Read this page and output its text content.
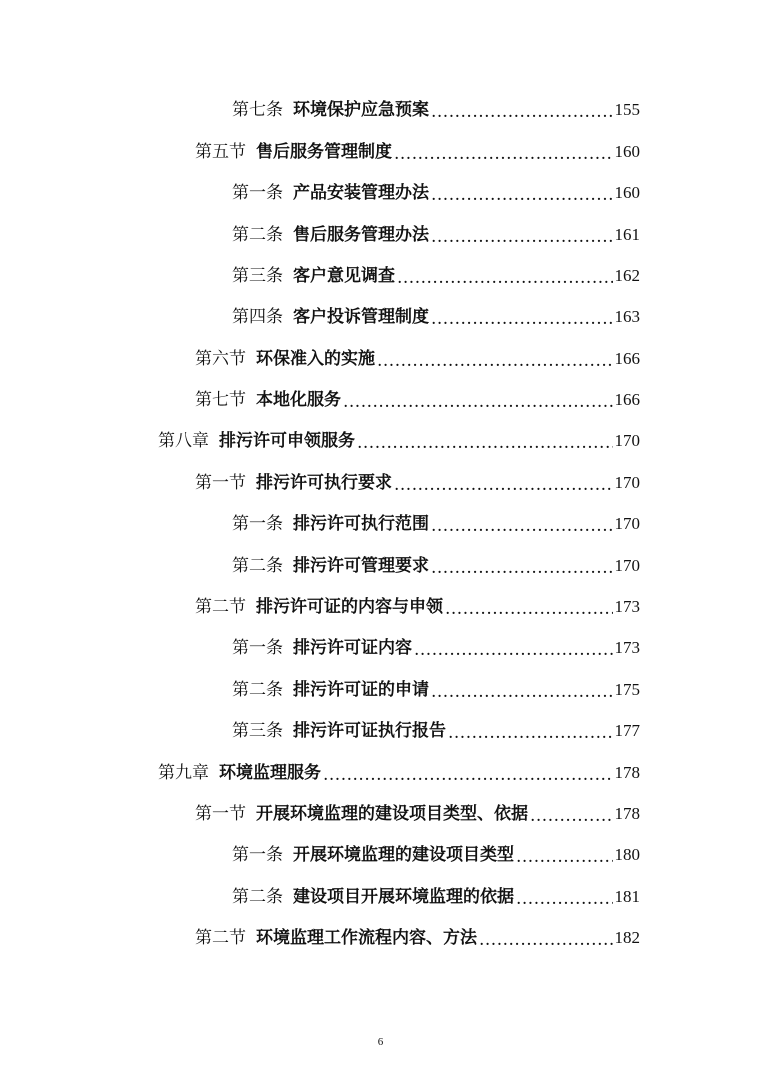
第七条 环境保护应急预案 .....	155
第五节 售后服务管理制度 .....	160
第一条 产品安装管理办法 .....	160
第二条 售后服务管理办法 .....	161
第三条 客户意见调查 .....	162
第四条 客户投诉管理制度 .....	163
第六节 环保准入的实施 .....	166
第七节 本地化服务 .....	166
第八章 排污许可申领服务 .....	170
第一节 排污许可执行要求 .....	170
第一条 排污许可执行范围 .....	170
第二条 排污许可管理要求 .....	170
第二节 排污许可证的内容与申领 .....	173
第一条 排污许可证内容 .....	173
第二条 排污许可证的申请 .....	175
第三条 排污许可证执行报告 .....	177
第九章 环境监理服务 .....	178
第一节 开展环境监理的建设项目类型、依据 .....	178
第一条 开展环境监理的建设项目类型 .....	180
第二条 建设项目开展环境监理的依据 .....	181
第二节 环境监理工作流程内容、方法 .....	182
6
